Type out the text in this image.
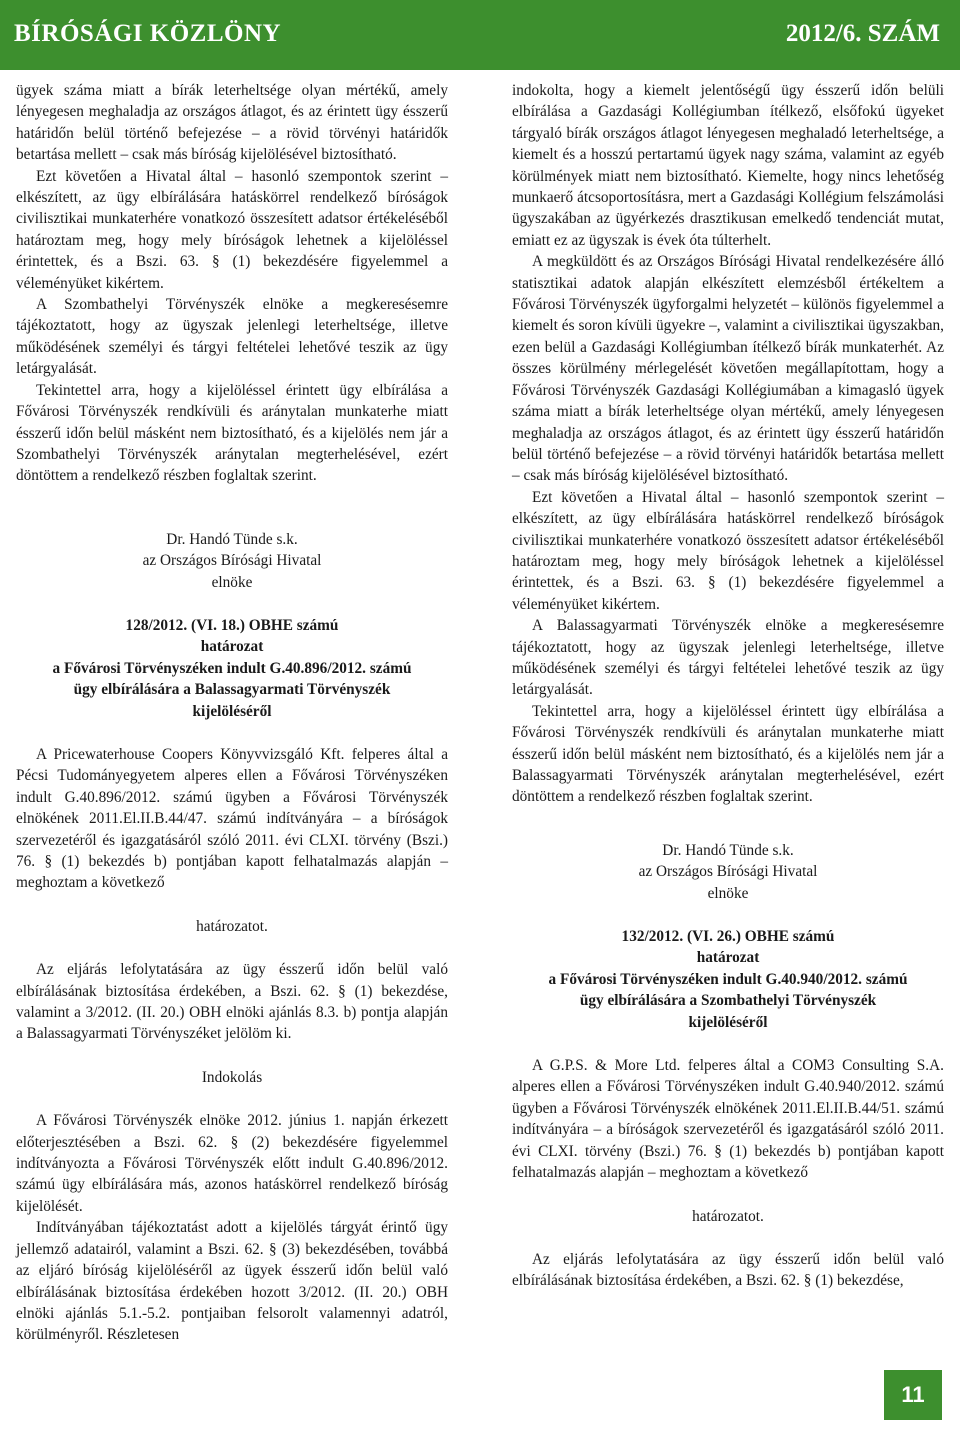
BÍRÓSÁGI KÖZLÖNY	2012/6. SZÁM

ügyek száma miatt a bírák leterheltsége olyan mértékű, amely lényegesen meghaladja az országos átlagot, és az érintett ügy ésszerű határidőn belül történő befejezése – a rövid törvényi határidők betartása mellett – csak más bíróság kijelölésével biztosítható.

Ezt követően a Hivatal által – hasonló szempontok szerint – elkészített, az ügy elbírálására hatáskörrel rendelkező bíróságok civilisztikai munkaterhére vonatkozó összesített adatsor értékeléséből határoztam meg, hogy mely bíróságok lehetnek a kijelöléssel érintettek, és a Bszi. 63. § (1) bekezdésére figyelemmel a véleményüket kikértem.

A Szombathelyi Törvényszék elnöke a megkeresésemre tájékoztatott, hogy az ügyszak jelenlegi leterheltsége, illetve működésének személyi és tárgyi feltételei lehetővé teszik az ügy letárgyalását.

Tekintettel arra, hogy a kijelöléssel érintett ügy elbírálása a Fővárosi Törvényszék rendkívüli és aránytalan munkaterhe miatt ésszerű időn belül másként nem biztosítható, és a kijelölés nem jár a Szombathelyi Törvényszék aránytalan megterhelésével, ezért döntöttem a rendelkező részben foglaltak szerint.

Dr. Handó Tünde s.k.

az Országos Bírósági Hivatal

elnöke

128/2012. (VI. 18.) OBHE számú

határozat

a Fővárosi Törvényszéken indult G.40.896/2012. számú

ügy elbírálására a Balassagyarmati Törvényszék

kijelöléséről

A Pricewaterhouse Coopers Könyvvizsgáló Kft. felperes által a Pécsi Tudományegyetem alperes ellen a Fővárosi Törvényszéken indult G.40.896/2012. számú ügyben a Fővárosi Törvényszék elnökének 2011.El.II.B.44/47. számú indítványára – a bíróságok szervezetéről és igazgatásáról szóló 2011. évi CLXI. törvény (Bszi.) 76. § (1) bekezdés b) pontjában kapott felhatalmazás alapján – meghoztam a következő

határozatot.

Az eljárás lefolytatására az ügy ésszerű időn belül való elbírálásának biztosítása érdekében, a Bszi. 62. § (1) bekezdése, valamint a 3/2012. (II. 20.) OBH elnöki ajánlás 8.3. b) pontja alapján a Balassagyarmati Törvényszéket jelölöm ki.

Indokolás

A Fővárosi Törvényszék elnöke 2012. június 1. napján érkezett előterjesztésében a Bszi. 62. § (2) bekezdésére figyelemmel indítványozta a Fővárosi Törvényszék előtt indult G.40.896/2012. számú ügy elbírálására más, azonos hatáskörrel rendelkező bíróság kijelölését.

Indítványában tájékoztatást adott a kijelölés tárgyát érintő ügy jellemző adatairól, valamint a Bszi. 62. § (3) bekezdésében, továbbá az eljáró bíróság kijelöléséről az ügyek ésszerű időn belül való elbírálásának biztosítása érdekében hozott 3/2012. (II. 20.) OBH elnöki ajánlás 5.1.-5.2. pontjaiban felsorolt valamennyi adatról, körülményről. Részletesen

indokolta, hogy a kiemelt jelentőségű ügy ésszerű időn belüli elbírálása a Gazdasági Kollégiumban ítélkező, elsőfokú ügyeket tárgyaló bírák országos átlagot lényegesen meghaladó leterheltsége, a kiemelt és a hosszú pertartamú ügyek nagy száma, valamint az egyéb körülmények miatt nem biztosítható. Kiemelte, hogy nincs lehetőség munkaerő átcsoportosításra, mert a Gazdasági Kollégium felszámolási ügyszakában az ügyérkezés drasztikusan emelkedő tendenciát mutat, emiatt ez az ügyszak is évek óta túlterhelt.

A megküldött és az Országos Bírósági Hivatal rendelkezésére álló statisztikai adatok alapján elkészített elemzésből értékeltem a Fővárosi Törvényszék ügyforgalmi helyzetét – különös figyelemmel a kiemelt és soron kívüli ügyekre –, valamint a civilisztikai ügyszakban, ezen belül a Gazdasági Kollégiumban ítélkező bírák munkaterhét. Az összes körülmény mérlegelését követően megállapítottam, hogy a Fővárosi Törvényszék Gazdasági Kollégiumában a kimagasló ügyek száma miatt a bírák leterheltsége olyan mértékű, amely lényegesen meghaladja az országos átlagot, és az érintett ügy ésszerű határidőn belül történő befejezése – a rövid törvényi határidők betartása mellett – csak más bíróság kijelölésével biztosítható.

Ezt követően a Hivatal által – hasonló szempontok szerint – elkészített, az ügy elbírálására hatáskörrel rendelkező bíróságok civilisztikai munkaterhére vonatkozó összesített adatsor értékeléséből határoztam meg, hogy mely bíróságok lehetnek a kijelöléssel érintettek, és a Bszi. 63. § (1) bekezdésére figyelemmel a véleményüket kikértem.

A Balassagyarmati Törvényszék elnöke a megkeresésemre tájékoztatott, hogy az ügyszak jelenlegi leterheltsége, illetve működésének személyi és tárgyi feltételei lehetővé teszik az ügy letárgyalását.

Tekintettel arra, hogy a kijelöléssel érintett ügy elbírálása a Fővárosi Törvényszék rendkívüli és aránytalan munkaterhe miatt ésszerű időn belül másként nem biztosítható, és a kijelölés nem jár a Balassagyarmati Törvényszék aránytalan megterhelésével, ezért döntöttem a rendelkező részben foglaltak szerint.

Dr. Handó Tünde s.k.

az Országos Bírósági Hivatal

elnöke

132/2012. (VI. 26.) OBHE számú

határozat

a Fővárosi Törvényszéken indult G.40.940/2012. számú

ügy elbírálására a Szombathelyi Törvényszék

kijelöléséről

A G.P.S. & More Ltd. felperes által a COM3 Consulting S.A. alperes ellen a Fővárosi Törvényszéken indult G.40.940/2012. számú ügyben a Fővárosi Törvényszék elnökének 2011.El.II.B.44/51. számú indítványára – a bíróságok szervezetéről és igazgatásáról szóló 2011. évi CLXI. törvény (Bszi.) 76. § (1) bekezdés b) pontjában kapott felhatalmazás alapján – meghoztam a következő

határozatot.

Az eljárás lefolytatására az ügy ésszerű időn belül való elbírálásának biztosítása érdekében, a Bszi. 62. § (1) bekezdése,

11
